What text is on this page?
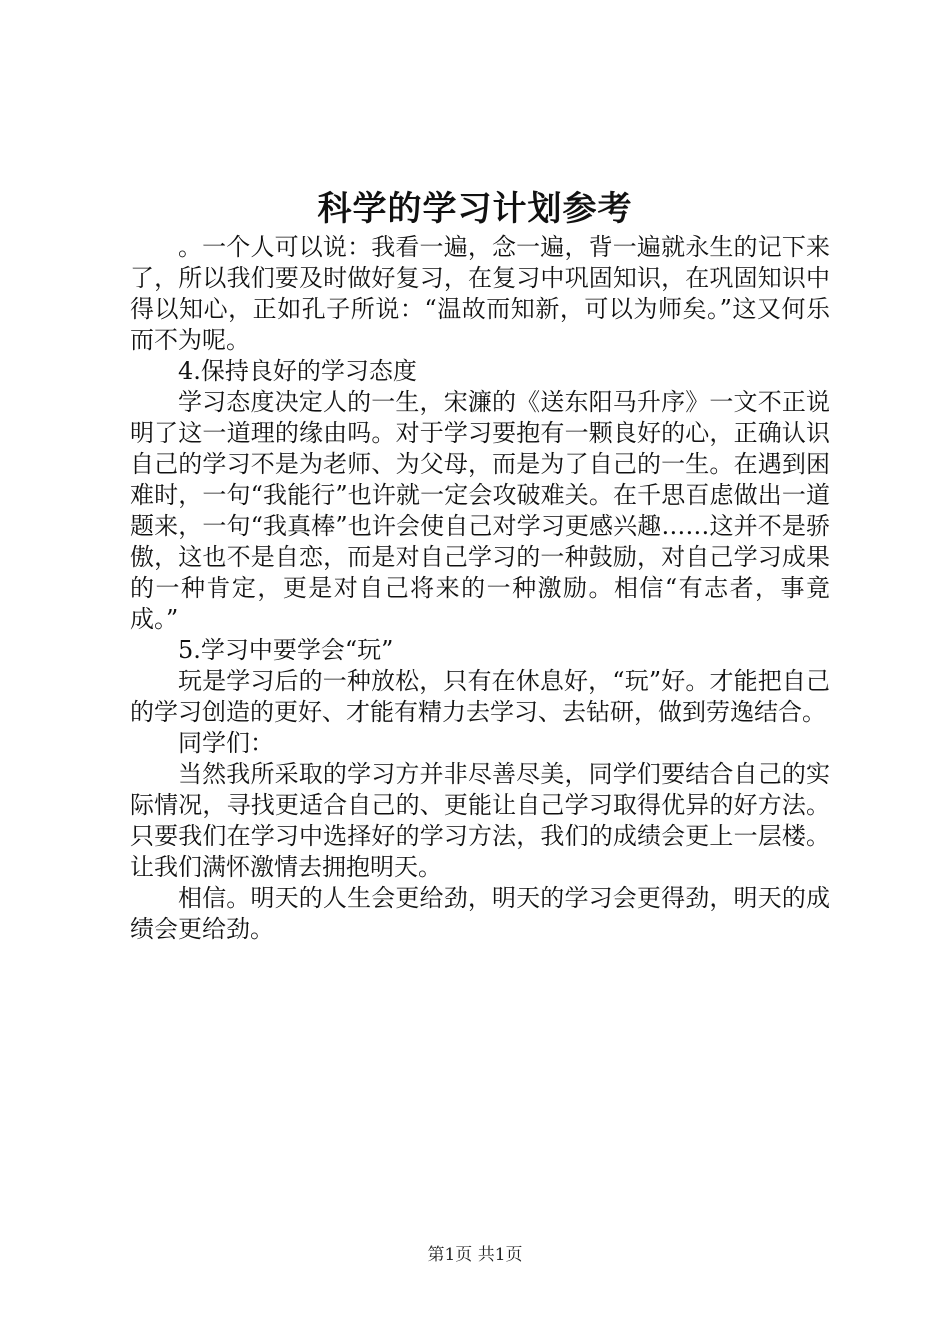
科学的学习计划参考

。一个人可以说：我看一遍，念一遍，背一遍就永生的记下来了，所以我们要及时做好复习，在复习中巩固知识，在巩固知识中得以知心，正如孔子所说：“温故而知新，可以为师矣。”这又何乐而不为呢。

4.保持良好的学习态度

学习态度决定人的一生，宋濂的《送东阳马升序》一文不正说明了这一道理的缘由吗。对于学习要抱有一颗良好的心，正确认识自己的学习不是为老师、为父母，而是为了自己的一生。在遇到困难时，一句“我能行”也许就一定会攻破难关。在千思百虑做出一道题来，一句“我真棒”也许会使自己对学习更感兴趣……这并不是骄傲，这也不是自恋，而是对自己学习的一种鼓励，对自己学习成果的一种肯定，更是对自己将来的一种激励。相信“有志者，事竟成。”

5.学习中要学会“玩”

玩是学习后的一种放松，只有在休息好，“玩”好。才能把自己的学习创造的更好、才能有精力去学习、去钻研，做到劳逸结合。

同学们：

当然我所采取的学习方并非尽善尽美，同学们要结合自己的实际情况，寻找更适合自己的、更能让自己学习取得优异的好方法。只要我们在学习中选择好的学习方法，我们的成绩会更上一层楼。让我们满怀激情去拥抱明天。

相信。明天的人生会更给劲，明天的学习会更得劲，明天的成绩会更给劲。

第1页 共1页
